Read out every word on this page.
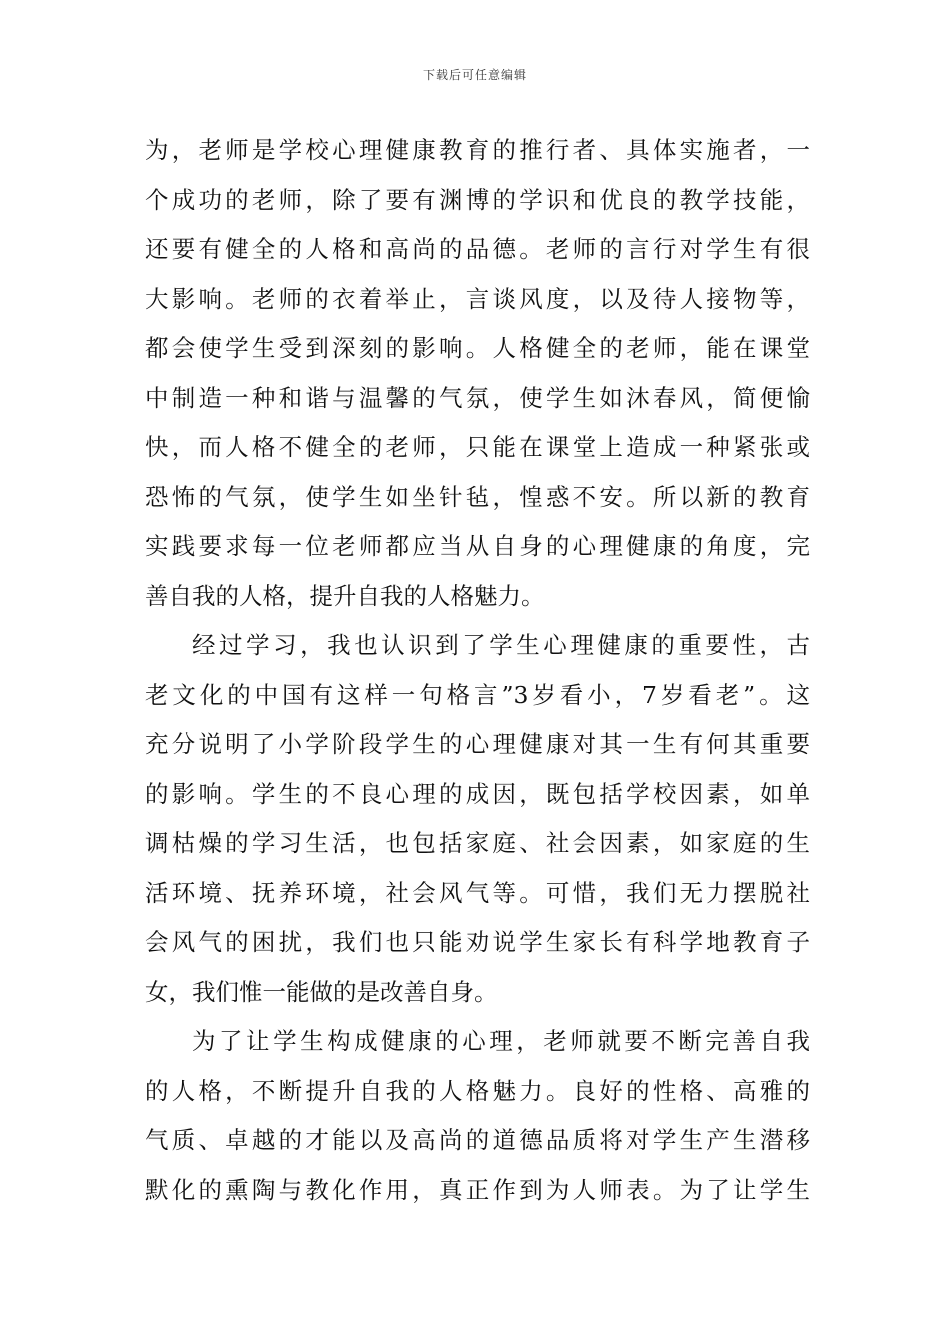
下载后可任意编辑
为，老师是学校心理健康教育的推行者、具体实施者，一
个成功的老师，除了要有渊博的学识和优良的教学技能，
还要有健全的人格和高尚的品德。老师的言行对学生有很
大影响。老师的衣着举止，言谈风度，以及待人接物等，
都会使学生受到深刻的影响。人格健全的老师，能在课堂
中制造一种和谐与温馨的气氛，使学生如沐春风，简便愉
快，而人格不健全的老师，只能在课堂上造成一种紧张或
恐怖的气氛，使学生如坐针毡，惶惑不安。所以新的教育
实践要求每一位老师都应当从自身的心理健康的角度，完
善自我的人格，提升自我的人格魅力。
经过学习，我也认识到了学生心理健康的重要性，古
老文化的中国有这样一句格言”3岁看小，7岁看老”。这
充分说明了小学阶段学生的心理健康对其一生有何其重要
的影响。学生的不良心理的成因，既包括学校因素，如单
调枯燥的学习生活，也包括家庭、社会因素，如家庭的生
活环境、抚养环境，社会风气等。可惜，我们无力摆脱社
会风气的困扰，我们也只能劝说学生家长有科学地教育子
女，我们惟一能做的是改善自身。
为了让学生构成健康的心理，老师就要不断完善自我
的人格，不断提升自我的人格魅力。良好的性格、高雅的
气质、卓越的才能以及高尚的道德品质将对学生产生潜移
默化的熏陶与教化作用，真正作到为人师表。为了让学生
